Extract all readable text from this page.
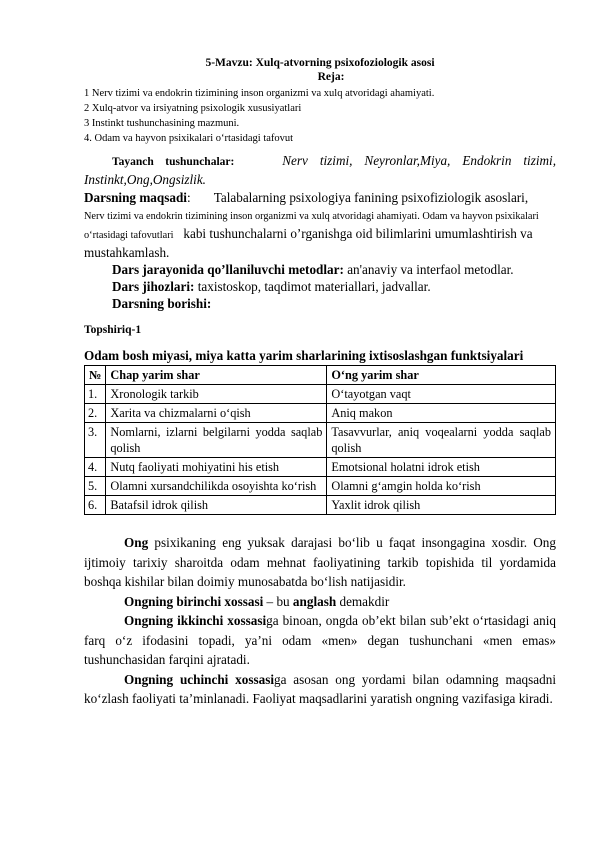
5-Mavzu: Xulq-atvorning psixofoziologik asosi

Reja:

1 Nerv tizimi va endokrin tizimining inson organizmi va xulq atvoridagi ahamiyati.
2 Xulq-atvor va irsiyatning psixologik xususiyatlari
3 Instinkt tushunchasining mazmuni.
4. Odam va hayvon psixikalari o‘rtasidagi tafovut

Tayanch tushunchalar:	Nerv tizimi, Neyronlar,Miya, Endokrin tizimi, Instinkt,Ong,Ongsizlik.

Darsning maqsadi:       Talabalarning psixologiya fanining psixofiziologik asoslari,    Nerv tizimi va endokrin tizimining inson organizmi va xulq atvoridagi ahamiyati. Odam va hayvon psixikalari o‘rtasidagi tafovutlari kabi tushunchalarni o’rganishga oid bilimlarini umumlashtirish va mustahkamlash.

Dars jarayonida qo’llaniluvchi metodlar: an'anaviy va interfaol metodlar.

Dars jihozlari: taxistoskop, taqdimot materiallari, jadvallar.

Darsning borishi:

Topshiriq-1

Odam bosh miyasi, miya katta yarim sharlarining ixtisoslashgan funktsiyalari

№	Chap yarim shar	O‘ng yarim shar
1.	Xronologik tarkib	O‘tayotgan vaqt
2.	Xarita va chizmalarni o‘qish	Aniq makon
3.	Nomlarni, izlarni belgilarni yodda saqlab qolish	Tasavvurlar, aniq voqealarni yodda saqlab qolish
4.	Nutq faoliyati mohiyatini his etish	Emotsional holatni idrok etish
5.	Olamni xursandchilikda osoyishta ko‘rish	Olamni g‘amgin holda ko‘rish
6.	Batafsil idrok qilish	Yaxlit idrok qilish

Ong psixikaning eng yuksak darajasi bo‘lib u faqat insongagina xosdir. Ong ijtimoiy tarixiy sharoitda odam mehnat faoliyatining tarkib topishida til yordamida boshqa kishilar bilan doimiy munosabatda bo‘lish natijasidir.

Ongning birinchi xossasi – bu anglash demakdir

Ongning ikkinchi xossasiga binoan, ongda ob’ekt bilan sub’ekt o‘rtasidagi aniq farq o‘z ifodasini topadi, ya’ni odam «men» degan tushunchani «men emas» tushunchasidan farqini ajratadi.

Ongning uchinchi xossasiga asosan ong yordami bilan odamning maqsadni ko‘zlash faoliyati ta’minlanadi. Faoliyat maqsadlarini yaratish ongning vazifasiga kiradi.
